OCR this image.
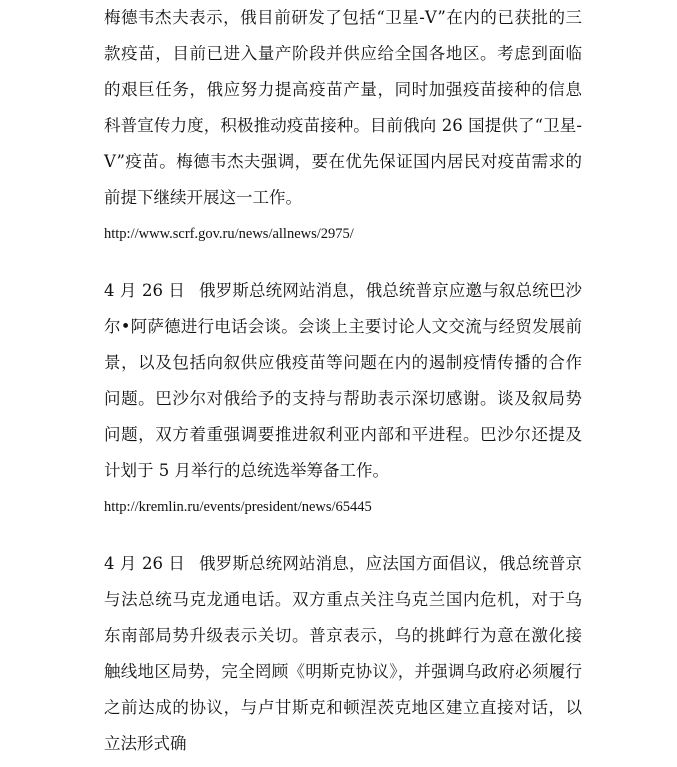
梅德韦杰夫表示，俄目前研发了包括“卫星-V”在内的已获批的三款疫苗，目前已进入量产阶段并供应给全国各地区。考虑到面临的艰巨任务，俄应努力提高疫苗产量，同时加强疫苗接种的信息科普宣传力度，积极推动疫苗接种。目前俄向 26 国提供了“卫星-V”疫苗。梅德韦杰夫强调，要在优先保证国内居民对疫苗需求的前提下继续开展这一工作。

http://www.scrf.gov.ru/news/allnews/2975/

4 月 26 日 俄罗斯总统网站消息，俄总统普京应邀与叙总统巴沙尔•阿萨德进行电话会谈。会谈上主要讨论人文交流与经贸发展前景，以及包括向叙供应俄疫苗等问题在内的遏制疫情传播的合作问题。巴沙尔对俄给予的支持与帮助表示深切感谢。谈及叙局势问题，双方着重强调要推进叙利亚内部和平进程。巴沙尔还提及计划于 5 月举行的总统选举筹备工作。

http://kremlin.ru/events/president/news/65445

4 月 26 日 俄罗斯总统网站消息，应法国方面倡议，俄总统普京与法总统马克龙通电话。双方重点关注乌克兰国内危机，对于乌东南部局势升级表示关切。普京表示，乌的挑衅行为意在激化接触线地区局势，完全罔顾《明斯克协议》，并强调乌政府必须履行之前达成的协议，与卢甘斯克和顿涅茨克地区建立直接对话，以立法形式确
